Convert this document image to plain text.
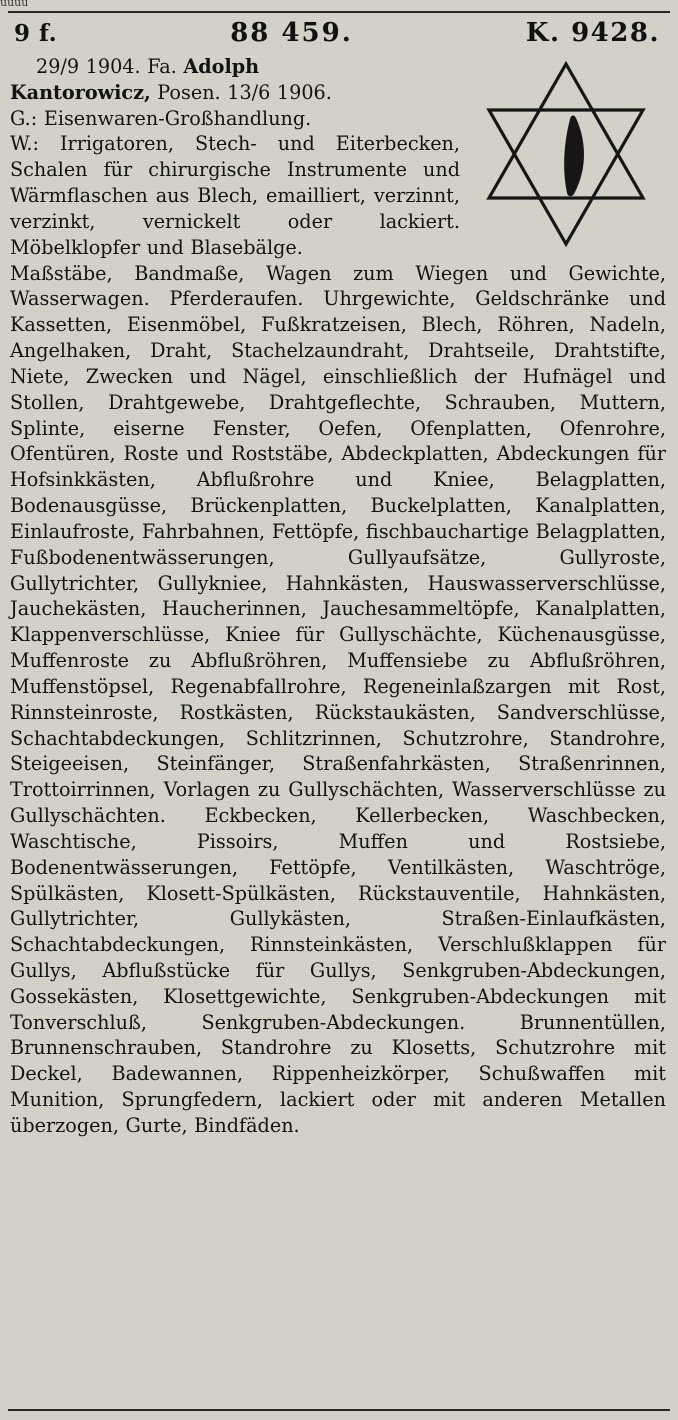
uuuu
9 f.	88 459.	K. 9428.

29/9 1904. Fa. Adolph

Kantorowicz, Posen. 13/6 1906.

G.: Eisenwaren-Großhandlung.

W.: Irrigatoren, Stech- und Eiterbecken, Schalen für chirurgische Instrumente und Wärmflaschen aus Blech, emailliert, verzinnt, verzinkt, vernickelt oder lackiert. Möbelklopfer und Blasebälge.

Maßstäbe, Bandmaße, Wagen zum Wiegen und Gewichte, Wasserwagen. Pferderaufen. Uhrgewichte, Geldschränke und Kassetten, Eisenmöbel, Fußkratzeisen, Blech, Röhren, Nadeln, Angelhaken, Draht, Stachelzaundraht, Drahtseile, Drahtstifte, Niete, Zwecken und Nägel, einschließlich der Hufnägel und Stollen, Drahtgewebe, Drahtgeflechte, Schrauben, Muttern, Splinte, eiserne Fenster, Oefen, Ofenplatten, Ofenrohre, Ofentüren, Roste und Roststäbe, Abdeckplatten, Abdeckungen für Hofsinkkästen, Abflußrohre und Kniee, Belagplatten, Bodenausgüsse, Brückenplatten, Buckelplatten, Kanalplatten, Einlaufroste, Fahrbahnen, Fettöpfe, fischbauchartige Belagplatten, Fußbodenentwässerungen, Gullyaufsätze, Gullyroste, Gullytrichter, Gullykniee, Hahnkästen, Hauswasserverschlüsse, Jauchekästen, Haucherinnen, Jauchesammeltöpfe, Kanalplatten, Klappenverschlüsse, Kniee für Gullyschächte, Küchenausgüsse, Muffenroste zu Abflußröhren, Muffensiebe zu Abflußröhren, Muffenstöpsel, Regenabfallrohre, Regeneinlaßzargen mit Rost, Rinnsteinroste, Rostkästen, Rückstaukästen, Sandverschlüsse, Schachtabdeckungen, Schlitzrinnen, Schutzrohre, Standrohre, Steigeeisen, Steinfänger, Straßenfahrkästen, Straßenrinnen, Trottoirrinnen, Vorlagen zu Gullyschächten, Wasserverschlüsse zu Gullyschächten. Eckbecken, Kellerbecken, Waschbecken, Waschtische, Pissoirs, Muffen und Rostsiebe, Bodenentwässerungen, Fettöpfe, Ventilkästen, Waschtröge, Spülkästen, Klosett-Spülkästen, Rückstauventile, Hahnkästen, Gullytrichter, Gullykästen, Straßen-Einlaufkästen, Schachtabdeckungen, Rinnsteinkästen, Verschlußklappen für Gullys, Abflußstücke für Gullys, Senkgruben-Abdeckungen, Gossekästen, Klosettgewichte, Senkgruben-Abdeckungen mit Tonverschluß, Senkgruben-Abdeckungen. Brunnentüllen, Brunnenschrauben, Standrohre zu Klosetts, Schutzrohre mit Deckel, Badewannen, Rippenheizkörper, Schußwaffen mit Munition, Sprungfedern, lackiert oder mit anderen Metallen überzogen, Gurte, Bindfäden.
